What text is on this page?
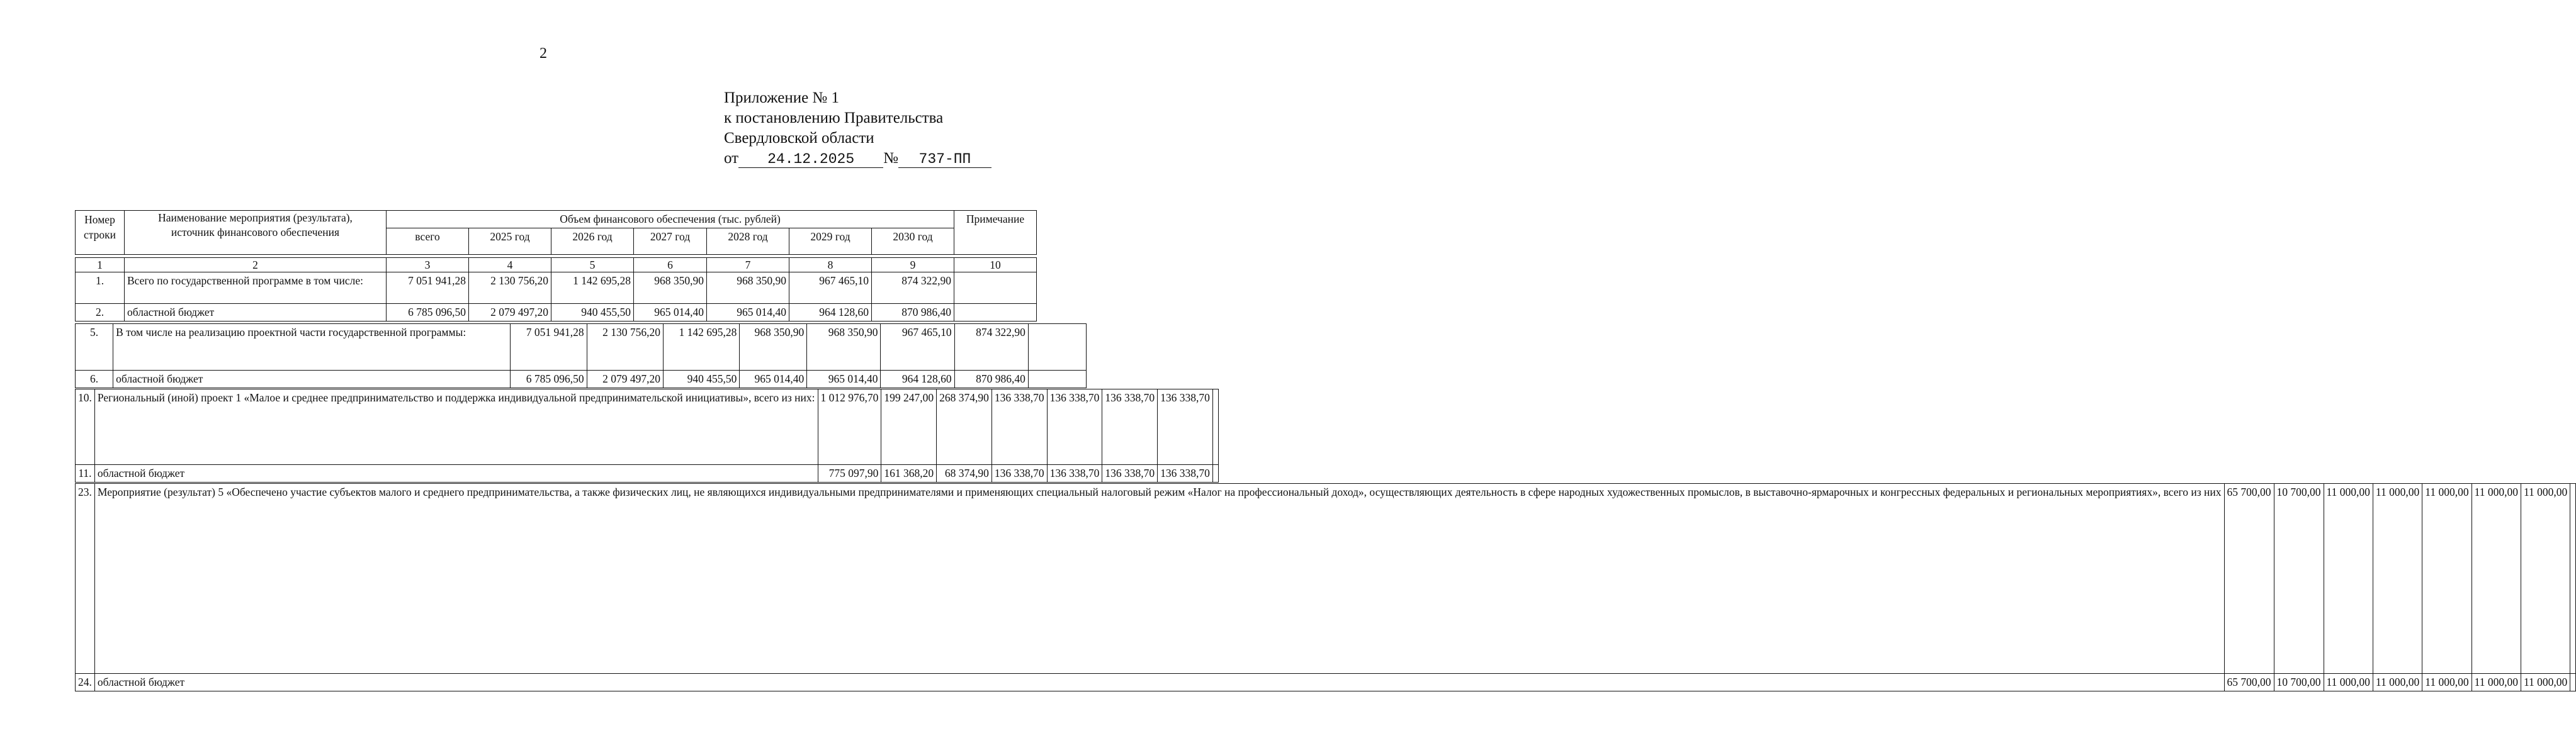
2
Приложение № 1
к постановлению Правительства
Свердловской области
от 24.12.2025 № 737-ПП
Номер строки	Наименование мероприятия (результата), источник финансового обеспечения	Объем финансового обеспечения (тыс. рублей)							Примечание
		всего	2025 год	2026 год	2027 год	2028 год	2029 год	2030 год	
1	2	3	4	5	6	7	8	9	10
1.	Всего по государственной программе в том числе:	7 051 941,28	2 130 756,20	1 142 695,28	968 350,90	968 350,90	967 465,10	874 322,90	
2.	областной бюджет	6 785 096,50	2 079 497,20	940 455,50	965 014,40	965 014,40	964 128,60	870 986,40	
5.	В том числе на реализацию проектной части государственной программы:	7 051 941,28	2 130 756,20	1 142 695,28	968 350,90	968 350,90	967 465,10	874 322,90	
6.	областной бюджет	6 785 096,50	2 079 497,20	940 455,50	965 014,40	965 014,40	964 128,60	870 986,40	
10.	Региональный (иной) проект 1 «Малое и среднее предпринимательство и поддержка индивидуальной предпринимательской инициативы», всего из них:	1 012 976,70	199 247,00	268 374,90	136 338,70	136 338,70	136 338,70	136 338,70	
11.	областной бюджет	775 097,90	161 368,20	68 374,90	136 338,70	136 338,70	136 338,70	136 338,70	
23.	Мероприятие (результат) 5 «Обеспечено участие субъектов малого и среднего предпринимательства, а также физических лиц, не являющихся индивидуальными предпринимателями и применяющих специальный налоговый режим «Налог на профессиональный доход», осуществляющих деятельность в сфере народных художественных промыслов, в выставочно-ярмарочных и конгрессных федеральных и региональных мероприятиях», всего из них	65 700,00	10 700,00	11 000,00	11 000,00	11 000,00	11 000,00	11 000,00	
24.	областной бюджет	65 700,00	10 700,00	11 000,00	11 000,00	11 000,00	11 000,00	11 000,00	
